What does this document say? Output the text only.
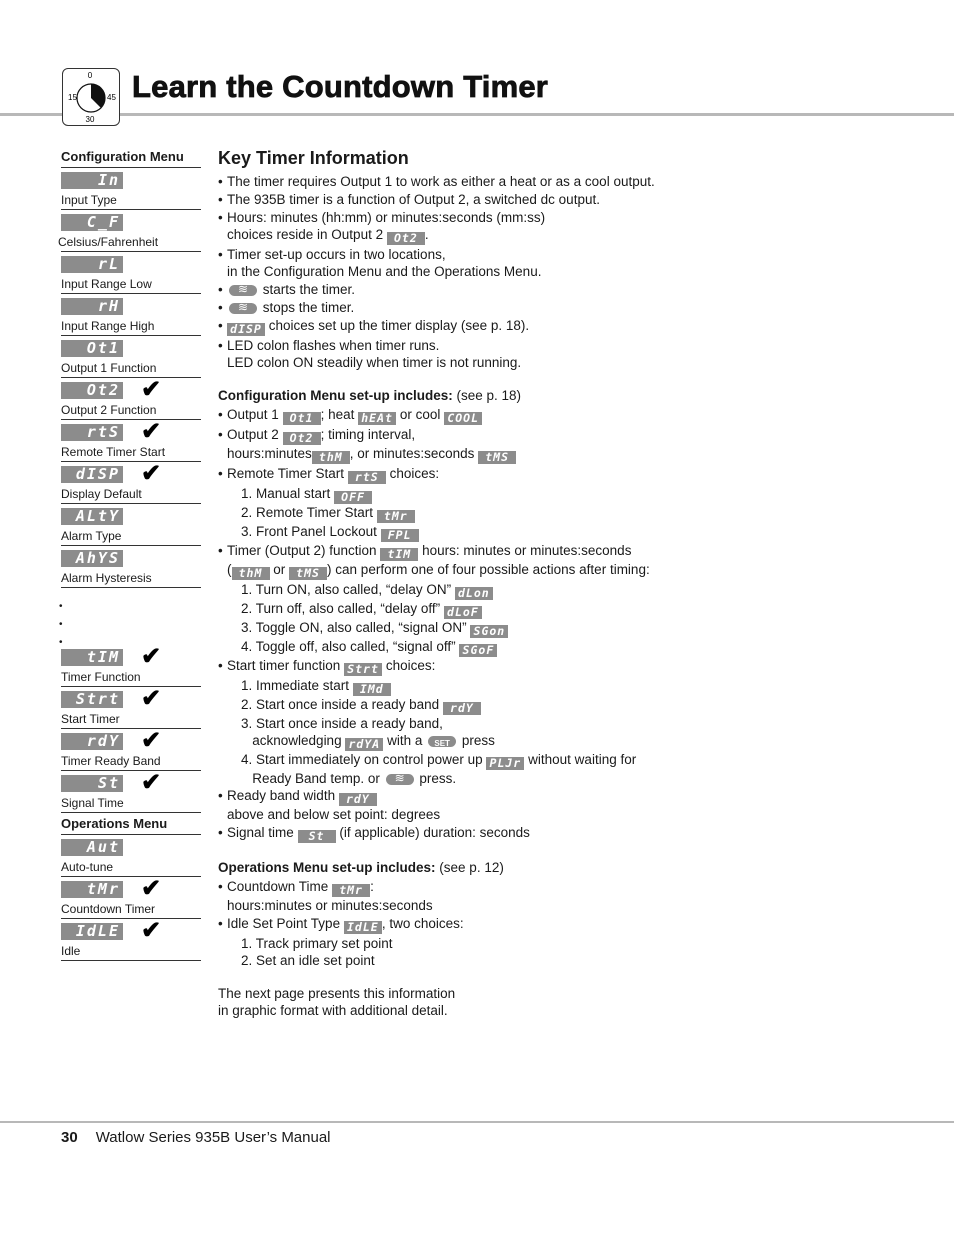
0
15	45
30
Learn the Countdown Timer
Configuration Menu
In
Input Type
C_F
Celsius/Fahrenheit
rL
Input Range Low
rH
Input Range High
Ot1
Output 1 Function
Ot2 ✔
Output 2 Function
rtS ✔
Remote Timer Start
dISP ✔
Display Default
ALtY
Alarm Type
AhYS
Alarm Hysteresis
•
•
•
tIM ✔
Timer Function
Strt ✔
Start Timer
rdY ✔
Timer Ready Band
St ✔
Signal Time
Operations Menu
Aut
Auto-tune
tMr ✔
Countdown Timer
IdLE ✔
Idle
Key Timer Information
• The timer requires Output 1 to work as either a heat or as a cool output.
• The 935B timer is a function of Output 2, a switched dc output.
• Hours: minutes (hh:mm) or minutes:seconds (mm:ss)
choices reside in Output 2 Ot2 .
• Timer set-up occurs in two locations,
in the Configuration Menu and the Operations Menu.
≋ • starts the timer.
≋ • stops the timer.
• dISP choices set up the timer display (see p. 18).
• LED colon flashes when timer runs.
LED colon ON steadily when timer is not running.
Configuration Menu set-up includes: (see p. 18)
• Output 1 Ot1 ; heat hEAt or cool COOL
• Output 2 Ot2 ; timing interval,
hours:minutes thM , or minutes:seconds tMS
• Remote Timer Start rtS choices:
1. Manual start OFF
2. Remote Timer Start tMr
3. Front Panel Lockout FPL
• Timer (Output 2) function tIM hours: minutes or minutes:seconds
( thM or tMS ) can perform one of four possible actions after timing:
1. Turn ON, also called, “delay ON” dLon
2. Turn off, also called, “delay off” dLoF
3. Toggle ON, also called, “signal ON” SGon
4. Toggle off, also called, “signal off” SGoF
• Start timer function Strt choices:
1. Immediate start IMd
2. Start once inside a ready band rdY
3. Start once inside a ready band,
acknowledging rdYA with a	SET press
4. Start immediately on control power up PLJr without waiting for
Ready Band temp. or ≋	press.
• Ready band width rdY
above and below set point: degrees
• Signal time St (if applicable) duration: seconds
Operations Menu set-up includes: (see p. 12)
• Countdown Time tMr :
hours:minutes or minutes:seconds
• Idle Set Point Type IdLE , two choices:
1. Track primary set point
2. Set an idle set point
The next page presents this information
in graphic format with additional detail.
30 Watlow Series 935B User’s Manual
